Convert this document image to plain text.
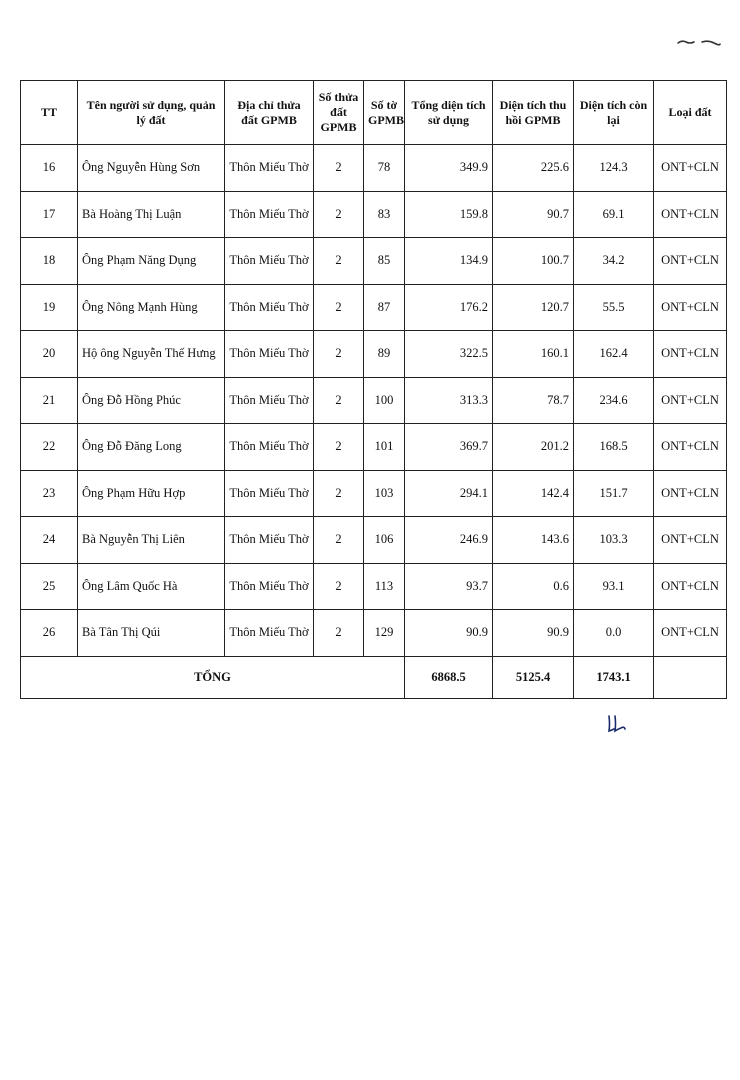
TT	Tên người sử dụng, quản lý đất	Địa chỉ thửa đất GPMB	Số thửa đất GPMB	Số tờ GPMB	Tổng diện tích sử dụng	Diện tích thu hồi GPMB	Diện tích còn lại	Loại đất
16	Ông Nguyễn Hùng Sơn	Thôn Miếu Thờ	2	78	349.9	225.6	124.3	ONT+CLN
17	Bà Hoàng Thị Luận	Thôn Miếu Thờ	2	83	159.8	90.7	69.1	ONT+CLN
18	Ông Phạm Năng Dụng	Thôn Miếu Thờ	2	85	134.9	100.7	34.2	ONT+CLN
19	Ông Nông Mạnh Hùng	Thôn Miếu Thờ	2	87	176.2	120.7	55.5	ONT+CLN
20	Hộ ông Nguyễn Thế Hưng	Thôn Miếu Thờ	2	89	322.5	160.1	162.4	ONT+CLN
21	Ông Đỗ Hồng Phúc	Thôn Miếu Thờ	2	100	313.3	78.7	234.6	ONT+CLN
22	Ông Đỗ Đăng Long	Thôn Miếu Thờ	2	101	369.7	201.2	168.5	ONT+CLN
23	Ông Phạm Hữu Hợp	Thôn Miếu Thờ	2	103	294.1	142.4	151.7	ONT+CLN
24	Bà Nguyễn Thị Liên	Thôn Miếu Thờ	2	106	246.9	143.6	103.3	ONT+CLN
25	Ông Lâm Quốc Hà	Thôn Miếu Thờ	2	113	93.7	0.6	93.1	ONT+CLN
26	Bà Tân Thị Qúi	Thôn Miếu Thờ	2	129	90.9	90.9	0.0	ONT+CLN
TỔNG					6868.5	5125.4	1743.1	
